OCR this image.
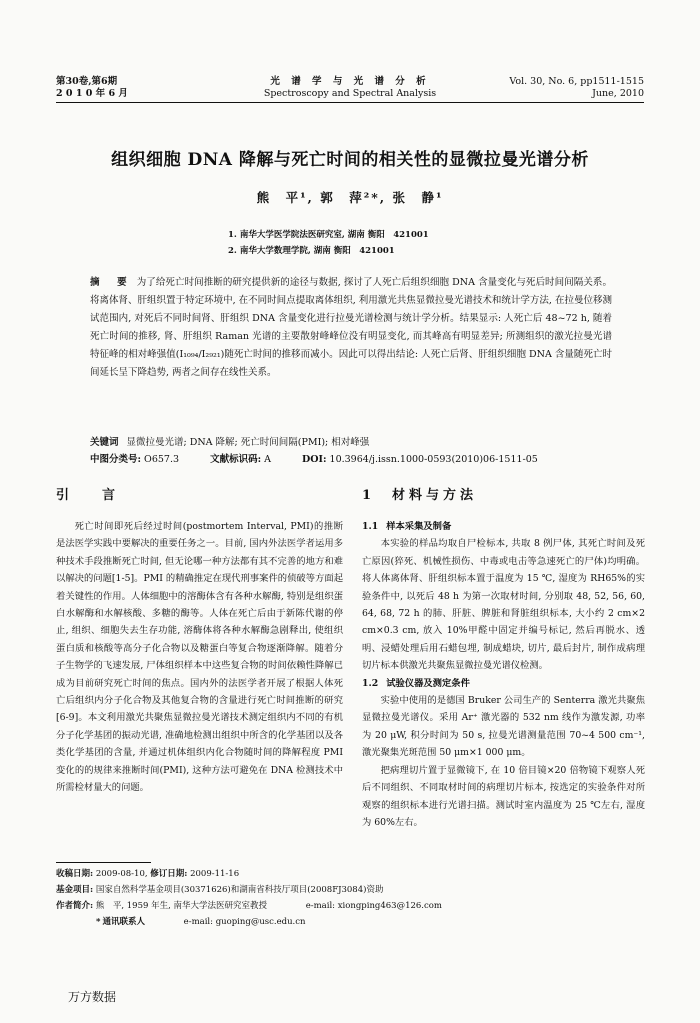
第30卷,第6期
2 0 1 0 年 6 月
光 谱 学 与 光 谱 分 析
Spectroscopy and Spectral Analysis
Vol. 30, No. 6, pp1511-1515
June, 2010
组织细胞 DNA 降解与死亡时间的相关性的显微拉曼光谱分析
熊　平¹, 郭　萍²*, 张　静¹
1. 南华大学医学院法医研究室, 湖南 衡阳　421001
2. 南华大学数理学院, 湖南 衡阳　421001
摘　要 为了给死亡时间推断的研究提供新的途径与数据, 探讨了人死亡后组织细胞 DNA 含量变化与死后时间间隔关系。将离体肾、肝组织置于特定环境中, 在不同时间点提取离体组织, 利用激光共焦显微拉曼光谱技术和统计学方法, 在拉曼位移测试范围内, 对死后不同时间肾、肝组织 DNA 含量变化进行拉曼光谱检测与统计学分析。结果显示: 人死亡后 48~72 h, 随着死亡时间的推移, 肾、肝组织 Raman 光谱的主要散射峰峰位没有明显变化, 而其峰高有明显差异; 所测组织的激光拉曼光谱特征峰的相对峰强值(I₁₀₉₄/I₂₉₂₁)随死亡时间的推移而减小。因此可以得出结论: 人死亡后肾、肝组织细胞 DNA 含量随死亡时间延长呈下降趋势, 两者之间存在线性关系。
关键词 显微拉曼光谱; DNA 降解; 死亡时间间隔(PMI); 相对峰强
中图分类号: O657.3	文献标识码: A	DOI: 10.3964/j.issn.1000-0593(2010)06-1511-05
引　言	1　材料与方法

死亡时间即死后经过时间(postmortem Interval, PMI)的推断是法医学实践中要解决的重要任务之一。目前, 国内外法医学者运用多种技术手段推断死亡时间, 但无论哪一种方法都有其不完善的地方和难以解决的问题[1-5]。PMI 的精确推定在现代刑事案件的侦破等方面起着关键性的作用。人体细胞中的溶酶体含有各种水解酶, 特别是组织蛋白水解酶和水解核酸、多糖的酶等。人体在死亡后由于新陈代谢的停止, 组织、细胞失去生存功能, 溶酶体将各种水解酶急剧释出, 使组织蛋白质和核酸等高分子化合物以及糖蛋白等复合物逐渐降解。随着分子生物学的飞速发展, 尸体组织样本中这些复合物的时间依赖性降解已成为目前研究死亡时间的焦点。国内外的法医学者开展了根据人体死亡后组织内分子化合物及其他复合物的含量进行死亡时间推断的研究[6-9]。本文利用激光共聚焦显微拉曼光谱技术测定组织内不同的有机分子化学基团的振动光谱, 准确地检测出组织中所含的化学基团以及各类化学基团的含量, 并通过机体组织内化合物随时间的降解程度 PMI 变化的的规律来推断时间(PMI), 这种方法可避免在 DNA 检测技术中所需检材量大的问题。

1.1 样本采集及制备

本实验的样品均取自尸检标本, 共取 8 例尸体, 其死亡时间及死亡原因(猝死、机械性损伤、中毒或电击等急速死亡的尸体)均明确。将人体离体肾、肝组织标本置于温度为 15 ℃, 湿度为 RH65%的实验条件中, 以死后 48 h 为第一次取材时间, 分别取 48, 52, 56, 60, 64, 68, 72 h 的肺、肝脏、脾脏和肾脏组织标本, 大小约 2 cm×2 cm×0.3 cm, 放入 10%甲醛中固定并编号标记, 然后再脱水、透明、浸蜡处理后用石蜡包埋, 制成蜡块, 切片, 最后封片, 制作成病理切片标本供激光共聚焦显微拉曼光谱仪检测。

1.2 试验仪器及测定条件

实验中使用的是德国 Bruker 公司生产的 Senterra 激光共聚焦显微拉曼光谱仪。采用 Ar⁺ 激光器的 532 nm 线作为激发源, 功率为 20 μW, 积分时间为 50 s, 拉曼光谱测量范围 70~4 500 cm⁻¹, 激光聚集光斑范围 50 μm×1 000 μm。

把病理切片置于显微镜下, 在 10 倍目镜×20 倍物镜下观察人死后不同组织、不同取材时间的病理切片标本, 按选定的实验条件对所观察的组织标本进行光谱扫描。测试时室内温度为 25 ℃左右, 湿度为 60%左右。

收稿日期: 2009-08-10, 修订日期: 2009-11-16
基金项目: 国家自然科学基金项目(30371626)和湖南省科技厅项目(2008FJ3084)资助
作者简介: 熊　平, 1959 年生, 南华大学法医研究室教授	e-mail: xiongping463@126.com
* 通讯联系人	e-mail: guoping@usc.edu.cn
万方数据
